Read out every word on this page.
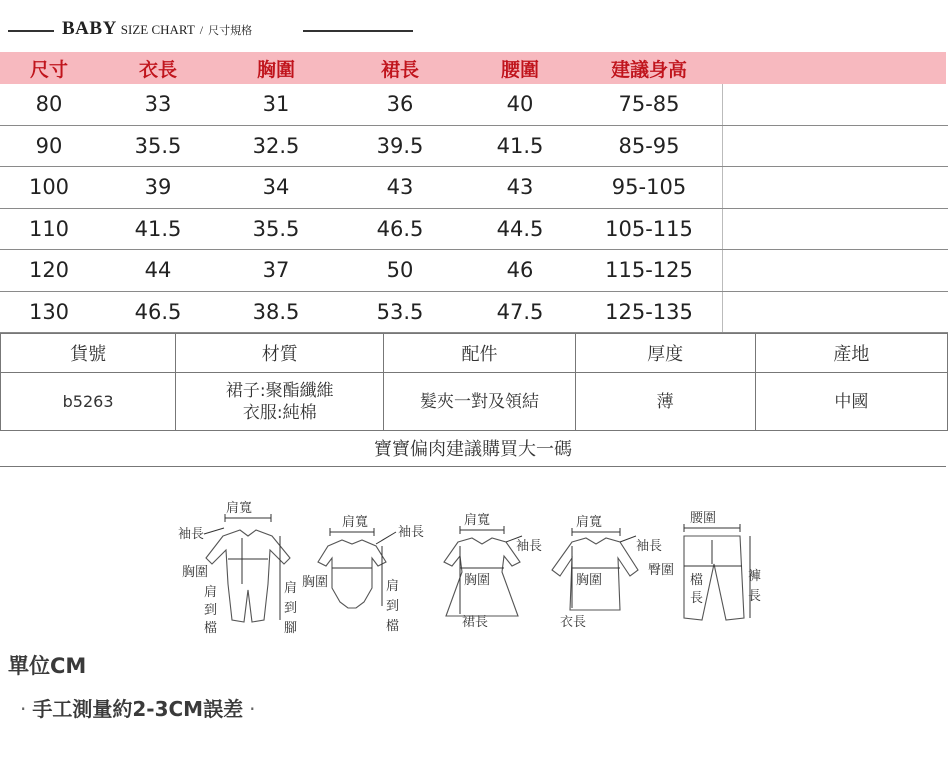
BABY SIZE CHART / 尺寸規格
尺寸	衣長	胸圍	裙長	腰圍	建議身高
80	33	31	36	40	75-85
90	35.5	32.5	39.5	41.5	85-95
100	39	34	43	43	95-105
110	41.5	35.5	46.5	44.5	105-115
120	44	37	50	46	115-125
130	46.5	38.5	53.5	47.5	125-135
貨號	材質	配件	厚度	產地
b5263	裙子:聚酯纖維
衣服:純棉	髮夾一對及領結	薄	中國
寶寶偏肉建議購買大一碼
肩寬
袖長
胸圍
肩
到
檔
肩
到
腳
肩寬
袖長
胸圍	肩
到
檔
肩寬
袖長
胸圍
裙長
肩寬
袖長
胸圍
衣長
腰圍
臀圍
檔
長
褲
長
單位CM
· 手工測量約2-3CM誤差 ·
